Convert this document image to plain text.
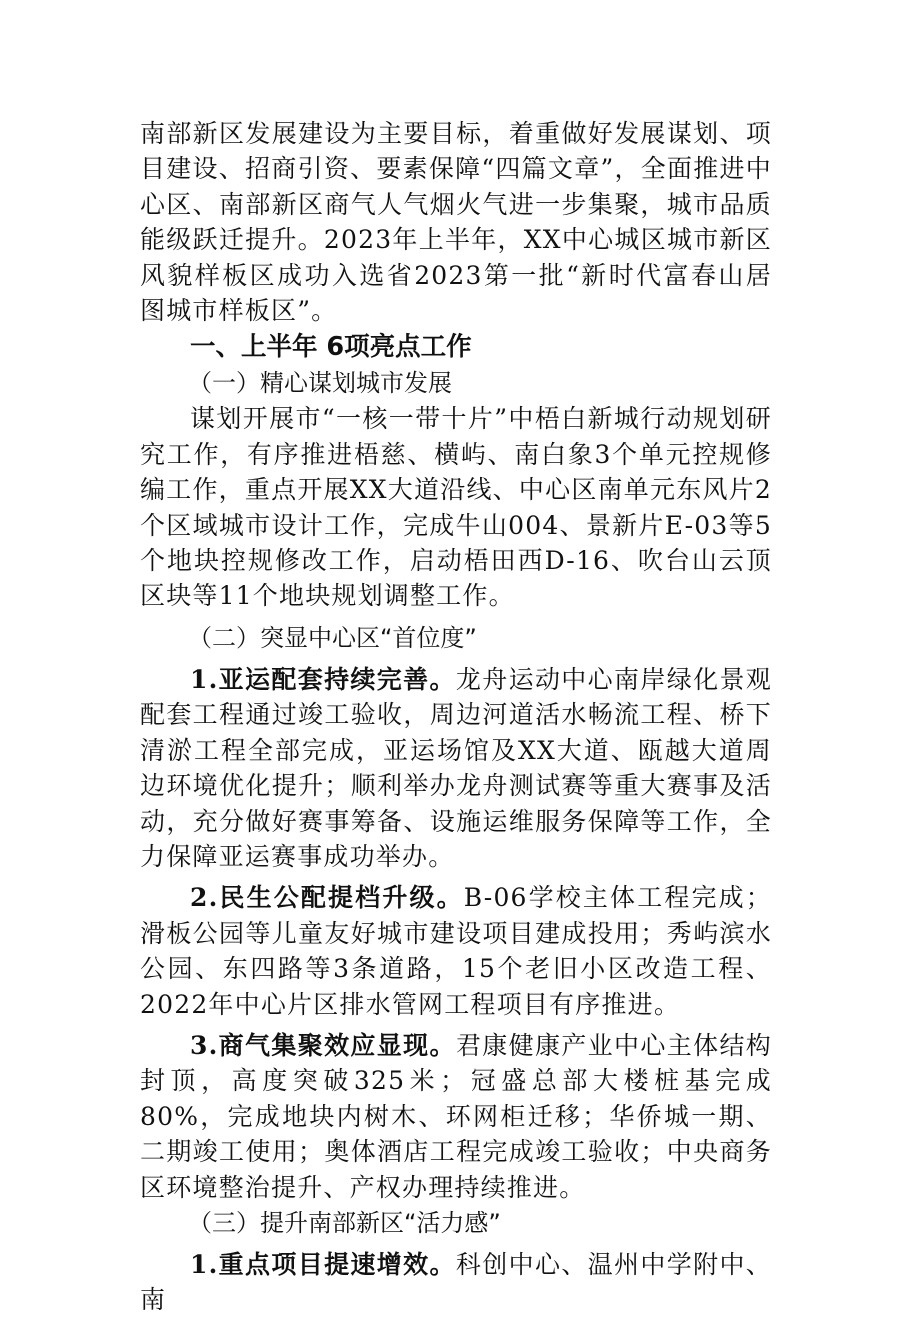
南部新区发展建设为主要目标，着重做好发展谋划、项目建设、招商引资、要素保障“四篇文章”，全面推进中心区、南部新区商气人气烟火气进一步集聚，城市品质能级跃迁提升。2023年上半年，XX中心城区城市新区风貌样板区成功入选省2023第一批“新时代富春山居图城市样板区”。

一、上半年 6项亮点工作

（一）精心谋划城市发展

谋划开展市“一核一带十片”中梧白新城行动规划研究工作，有序推进梧慈、横屿、南白象3个单元控规修编工作，重点开展XX大道沿线、中心区南单元东风片2个区域城市设计工作，完成牛山004、景新片E-03等5个地块控规修改工作，启动梧田西D-16、吹台山云顶区块等11个地块规划调整工作。

（二）突显中心区“首位度”

1.亚运配套持续完善。龙舟运动中心南岸绿化景观配套工程通过竣工验收，周边河道活水畅流工程、桥下清淤工程全部完成，亚运场馆及XX大道、瓯越大道周边环境优化提升；顺利举办龙舟测试赛等重大赛事及活动，充分做好赛事筹备、设施运维服务保障等工作，全力保障亚运赛事成功举办。

2.民生公配提档升级。B-06学校主体工程完成；滑板公园等儿童友好城市建设项目建成投用；秀屿滨水公园、东四路等3条道路，15个老旧小区改造工程、2022年中心片区排水管网工程项目有序推进。

3.商气集聚效应显现。君康健康产业中心主体结构封顶，高度突破325米；冠盛总部大楼桩基完成80%，完成地块内树木、环网柜迁移；华侨城一期、二期竣工使用；奥体酒店工程完成竣工验收；中央商务区环境整治提升、产权办理持续推进。

（三）提升南部新区“活力感”

1.重点项目提速增效。科创中心、温州中学附中、南
